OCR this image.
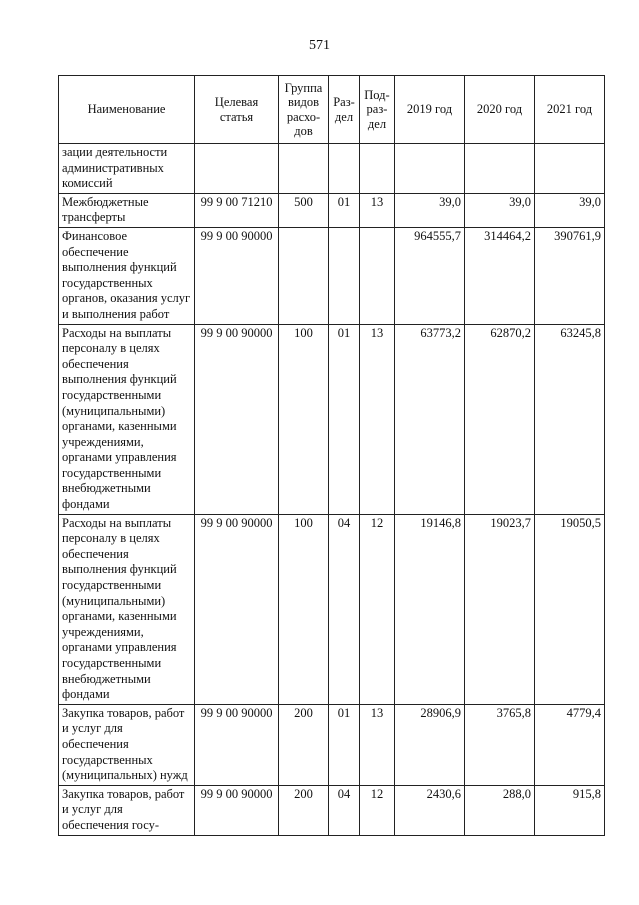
571
Наименование	Целевая статья	Группа видов расхо-дов	Раз-дел	Под-раз-дел	2019 год	2020 год	2021 год
зации деятельности административных комиссий							
Межбюджетные трансферты	99 9 00 71210	500	01	13	39,0	39,0	39,0
Финансовое обеспечение выполнения функций государственных органов, оказания услуг и выполнения работ	99 9 00 90000				964555,7	314464,2	390761,9
Расходы на выплаты персоналу в целях обеспечения выполнения функций государственными (муниципальными) органами, казенными учреждениями, органами управления государственными внебюджетными фондами	99 9 00 90000	100	01	13	63773,2	62870,2	63245,8
Расходы на выплаты персоналу в целях обеспечения выполнения функций государственными (муниципальными) органами, казенными учреждениями, органами управления государственными внебюджетными фондами	99 9 00 90000	100	04	12	19146,8	19023,7	19050,5
Закупка товаров, работ и услуг для обеспечения государственных (муниципальных) нужд	99 9 00 90000	200	01	13	28906,9	3765,8	4779,4
Закупка товаров, работ и услуг для обеспечения госу-	99 9 00 90000	200	04	12	2430,6	288,0	915,8
